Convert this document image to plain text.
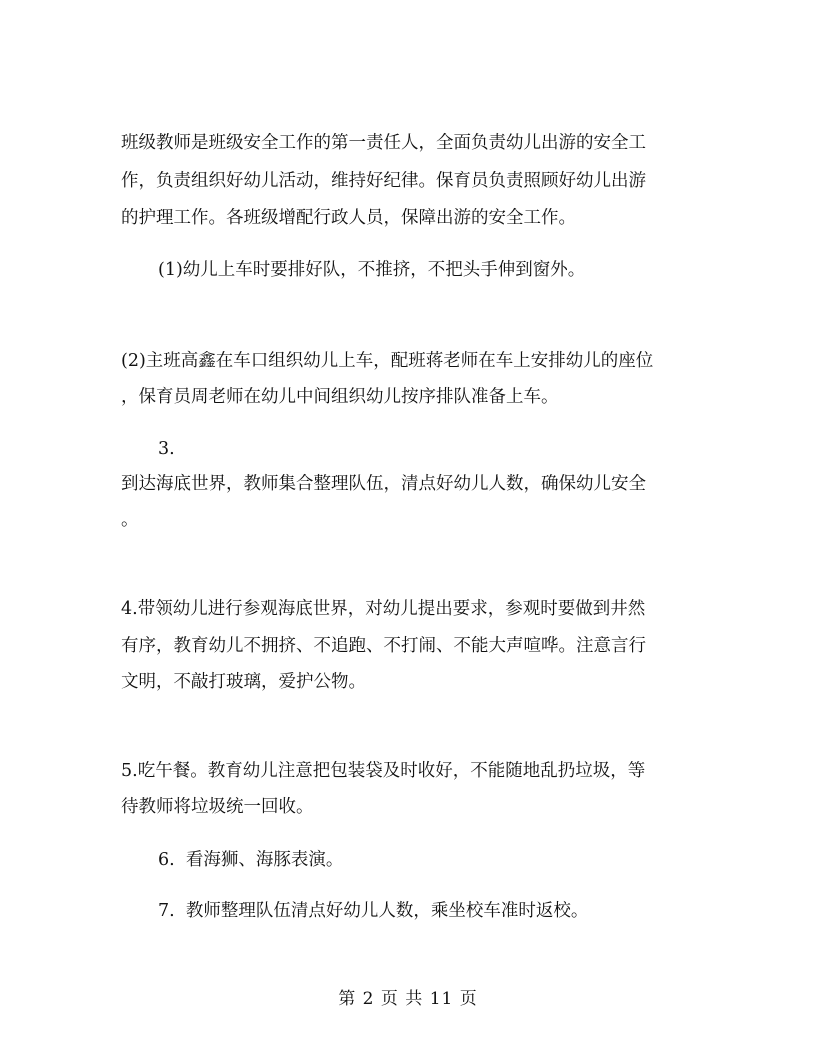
班级教师是班级安全工作的第一责任人，全面负责幼儿出游的安全工
作，负责组织好幼儿活动，维持好纪律。保育员负责照顾好幼儿出游
的护理工作。各班级增配行政人员，保障出游的安全工作。
(1)幼儿上车时要排好队，不推挤，不把头手伸到窗外。
(2)主班高鑫在车口组织幼儿上车，配班蒋老师在车上安排幼儿的座位
，保育员周老师在幼儿中间组织幼儿按序排队准备上车。
3.
到达海底世界，教师集合整理队伍，清点好幼儿人数，确保幼儿安全
。
4.带领幼儿进行参观海底世界，对幼儿提出要求，参观时要做到井然
有序，教育幼儿不拥挤、不追跑、不打闹、不能大声喧哗。注意言行
文明，不敲打玻璃，爱护公物。
5.吃午餐。教育幼儿注意把包装袋及时收好，不能随地乱扔垃圾，等
待教师将垃圾统一回收。
6.  看海狮、海豚表演。
7.  教师整理队伍清点好幼儿人数，乘坐校车准时返校。
第 2 页 共 11 页
